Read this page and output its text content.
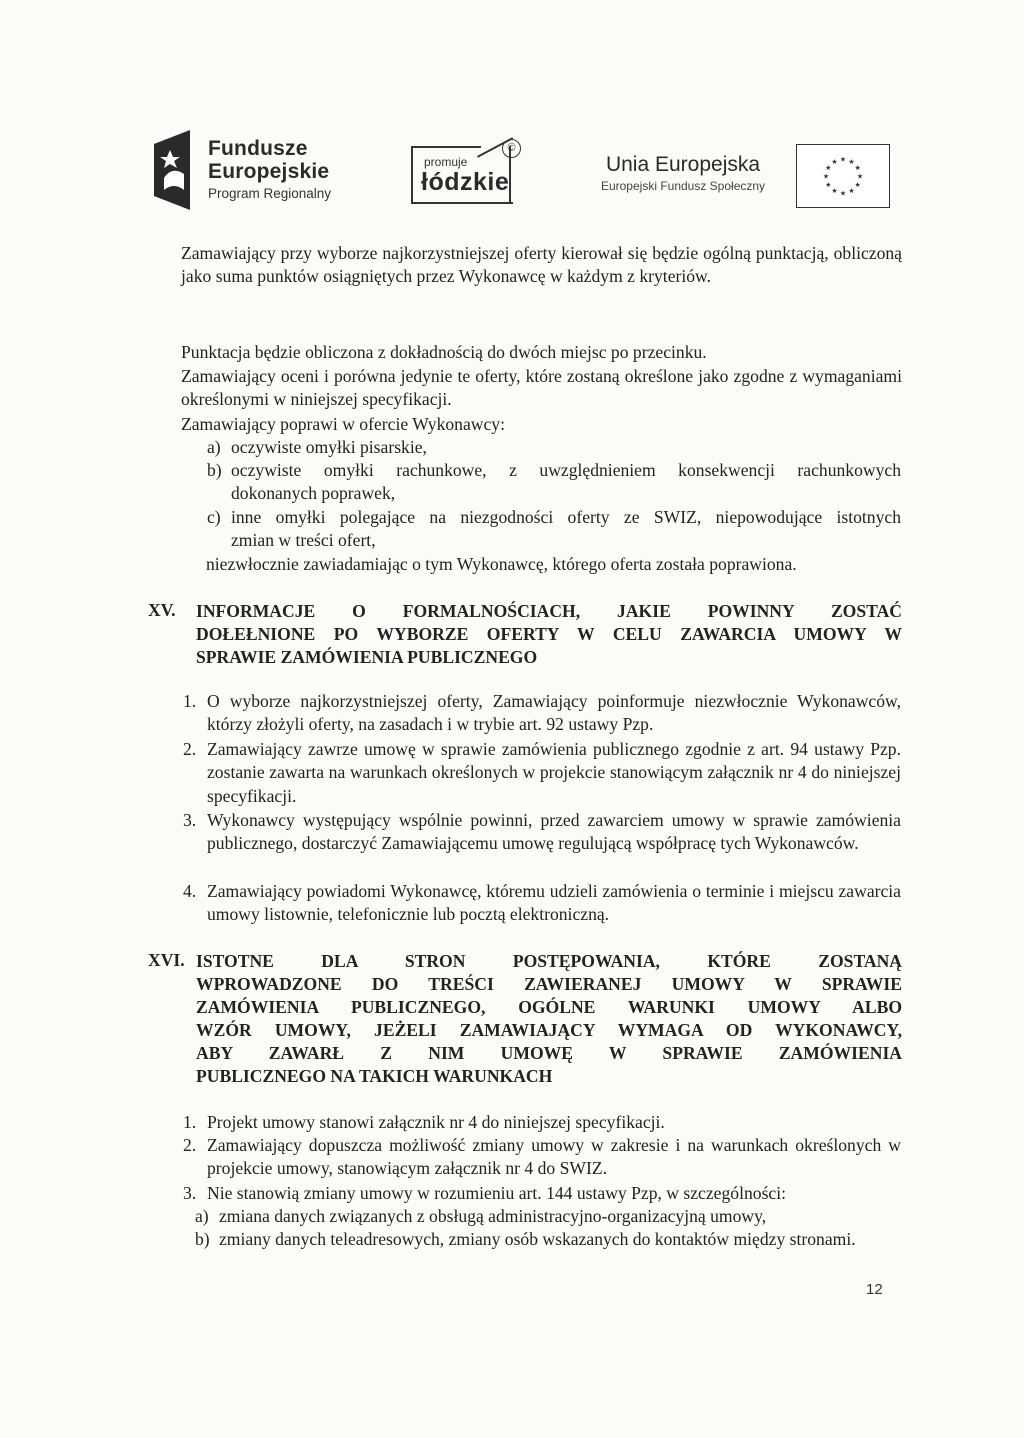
Fundusze
Europejskie
Program Regionalny
promuje
łódzkie
©
Unia Europejska
Europejski Fundusz Społeczny
★ ★
★
★
★
★
★
★
★
★
★
★
Zamawiający przy wyborze najkorzystniejszej oferty kierował się będzie ogólną punktacją, obliczoną jako suma punktów osiągniętych przez Wykonawcę w każdym z kryteriów.
Punktacja będzie obliczona z dokładnością do dwóch miejsc po przecinku.
Zamawiający oceni i porówna jedynie te oferty, które zostaną określone jako zgodne z wymaganiami określonymi w niniejszej specyfikacji.
Zamawiający poprawi w ofercie Wykonawcy:
a) oczywiste omyłki pisarskie,
b) oczywiste omyłki rachunkowe, z uwzględnieniem konsekwencji rachunkowych
dokonanych poprawek,
c) inne omyłki polegające na niezgodności oferty ze SWIZ, niepowodujące istotnych
zmian w treści ofert,
niezwłocznie zawiadamiając o tym Wykonawcę, którego oferta została poprawiona.
XV. INFORMACJE O FORMALNOŚCIACH, JAKIE POWINNY ZOSTAĆ
DOŁEŁNIONE PO WYBORZE OFERTY W CELU ZAWARCIA UMOWY W
SPRAWIE ZAMÓWIENIA PUBLICZNEGO
1. O wyborze najkorzystniejszej oferty, Zamawiający poinformuje niezwłocznie Wykonawców, którzy złożyli oferty, na zasadach i w trybie art. 92 ustawy Pzp.
2. Zamawiający zawrze umowę w sprawie zamówienia publicznego zgodnie z art. 94 ustawy Pzp. zostanie zawarta na warunkach określonych w projekcie stanowiącym załącznik nr 4 do niniejszej specyfikacji.
3. Wykonawcy występujący wspólnie powinni, przed zawarciem umowy w sprawie zamówienia publicznego, dostarczyć Zamawiającemu umowę regulującą współpracę tych Wykonawców.
4. Zamawiający powiadomi Wykonawcę, któremu udzieli zamówienia o terminie i miejscu zawarcia umowy listownie, telefonicznie lub pocztą elektroniczną.
XVI. ISTOTNE DLA STRON POSTĘPOWANIA, KTÓRE ZOSTANĄ
WPROWADZONE DO TREŚCI ZAWIERANEJ UMOWY W SPRAWIE
ZAMÓWIENIA PUBLICZNEGO, OGÓLNE WARUNKI UMOWY ALBO
WZÓR UMOWY, JEŻELI ZAMAWIAJĄCY WYMAGA OD WYKONAWCY,
ABY ZAWARŁ Z NIM UMOWĘ W SPRAWIE ZAMÓWIENIA
PUBLICZNEGO NA TAKICH WARUNKACH
1. Projekt umowy stanowi załącznik nr 4 do niniejszej specyfikacji.
2. Zamawiający dopuszcza możliwość zmiany umowy w zakresie i na warunkach określonych w projekcie umowy, stanowiącym załącznik nr 4 do SWIZ.
3. Nie stanowią zmiany umowy w rozumieniu art. 144 ustawy Pzp, w szczególności:
a) zmiana danych związanych z obsługą administracyjno-organizacyjną umowy,
b) zmiany danych teleadresowych, zmiany osób wskazanych do kontaktów między stronami.
12
